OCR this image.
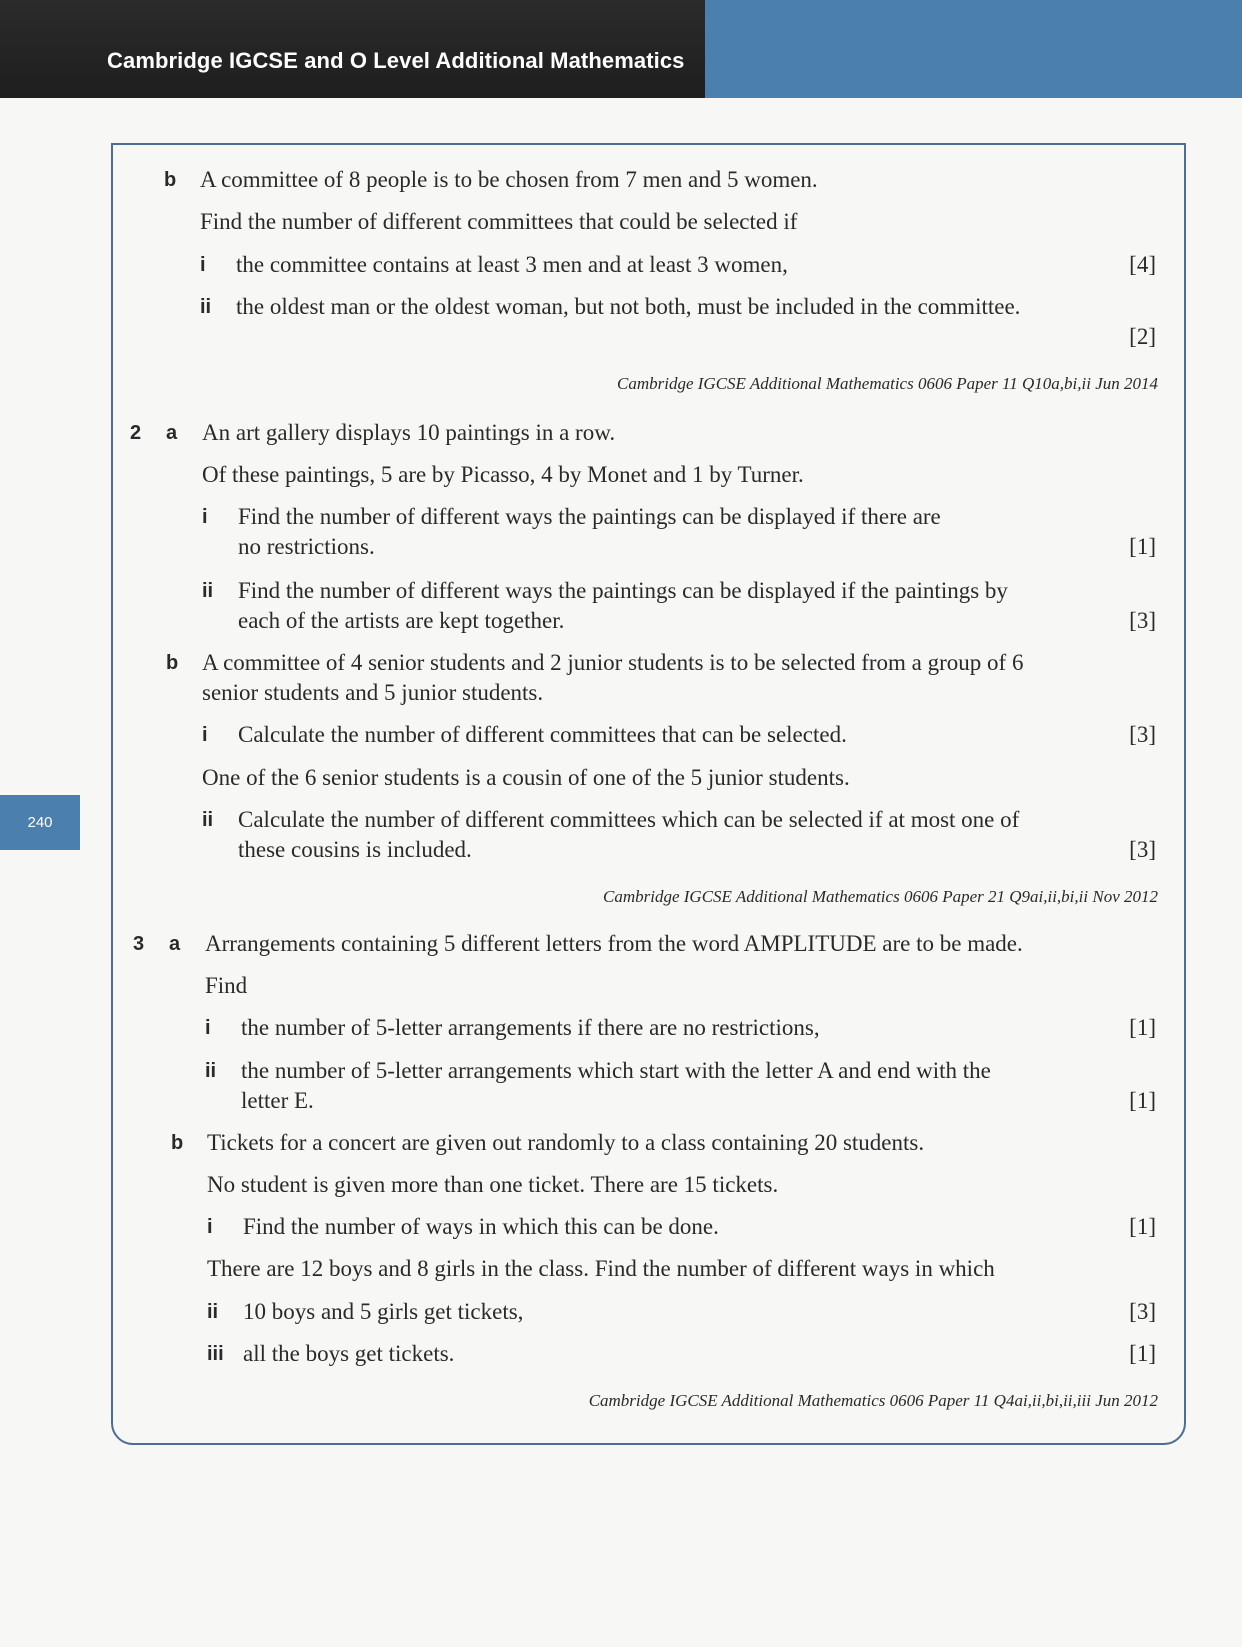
Cambridge IGCSE and O Level Additional Mathematics
240
b A committee of 8 people is to be chosen from 7 men and 5 women.
Find the number of different committees that could be selected if
i the committee contains at least 3 men and at least 3 women,	[4]
ii the oldest man or the oldest woman, but not both, must be included in the committee.
[2]
Cambridge IGCSE Additional Mathematics 0606 Paper 11 Q10a,bi,ii Jun 2014
2 a An art gallery displays 10 paintings in a row.
Of these paintings, 5 are by Picasso, 4 by Monet and 1 by Turner.
i Find the number of different ways the paintings can be displayed if there are
no restrictions.	[1]
ii Find the number of different ways the paintings can be displayed if the paintings by
each of the artists are kept together.	[3]
b A committee of 4 senior students and 2 junior students is to be selected from a group of 6
senior students and 5 junior students.
i Calculate the number of different committees that can be selected.	[3]
One of the 6 senior students is a cousin of one of the 5 junior students.
ii Calculate the number of different committees which can be selected if at most one of
these cousins is included.	[3]
Cambridge IGCSE Additional Mathematics 0606 Paper 21 Q9ai,ii,bi,ii Nov 2012
3 a Arrangements containing 5 different letters from the word AMPLITUDE are to be made.
Find
i the number of 5-letter arrangements if there are no restrictions,	[1]
ii the number of 5-letter arrangements which start with the letter A and end with the
letter E.	[1]
b Tickets for a concert are given out randomly to a class containing 20 students.
No student is given more than one ticket. There are 15 tickets.
i Find the number of ways in which this can be done.	[1]
There are 12 boys and 8 girls in the class. Find the number of different ways in which
ii 10 boys and 5 girls get tickets,	[3]
iii all the boys get tickets.	[1]
Cambridge IGCSE Additional Mathematics 0606 Paper 11 Q4ai,ii,bi,ii,iii Jun 2012
